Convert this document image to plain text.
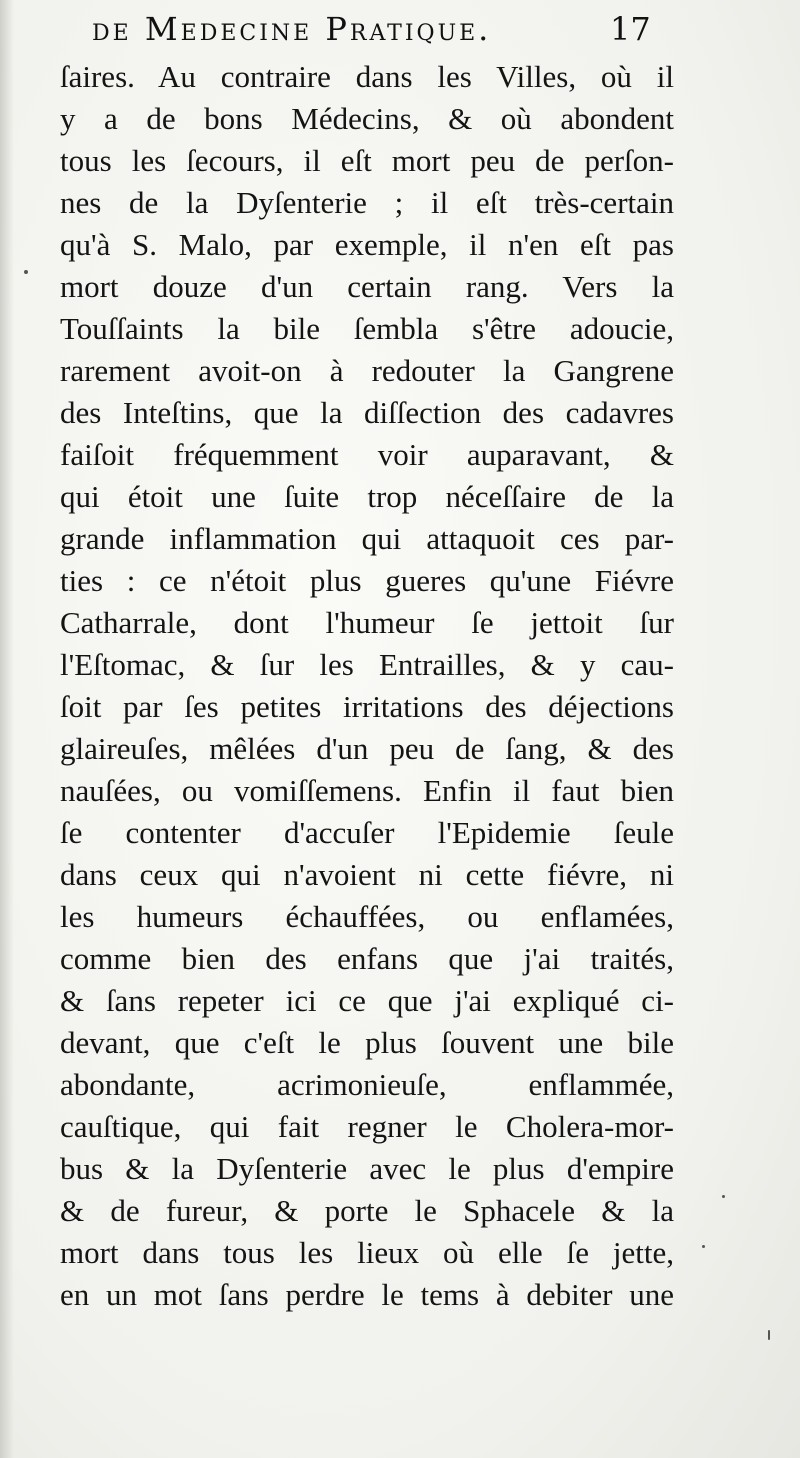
de Medecine Pratique.	17
ſaires. Au contraire dans les Villes, où il
y a de bons Médecins, & où abondent
tous les ſecours, il eſt mort peu de perſon-
nes de la Dyſenterie ; il eſt très-certain
qu'à S. Malo, par exemple, il n'en eſt pas
mort douze d'un certain rang. Vers la
Touſſaints la bile ſembla s'être adoucie,
rarement avoit-on à redouter la Gangrene
des Inteſtins, que la diſſection des cadavres
faiſoit fréquemment voir auparavant, &
qui étoit une ſuite trop néceſſaire de la
grande inflammation qui attaquoit ces par-
ties : ce n'étoit plus gueres qu'une Fiévre
Catharrale, dont l'humeur ſe jettoit ſur
l'Eſtomac, & ſur les Entrailles, & y cau-
ſoit par ſes petites irritations des déjections
glaireuſes, mêlées d'un peu de ſang, & des
nauſées, ou vomiſſemens. Enfin il faut bien
ſe contenter d'accuſer l'Epidemie ſeule
dans ceux qui n'avoient ni cette fiévre, ni
les humeurs échauffées, ou enflamées,
comme bien des enfans que j'ai traités,
& ſans repeter ici ce que j'ai expliqué ci-
devant, que c'eſt le plus ſouvent une bile
abondante, acrimonieuſe, enflammée,
cauſtique, qui fait regner le Cholera-mor-
bus & la Dyſenterie avec le plus d'empire
& de fureur, & porte le Sphacele & la
mort dans tous les lieux où elle ſe jette,
en un mot ſans perdre le tems à debiter une
